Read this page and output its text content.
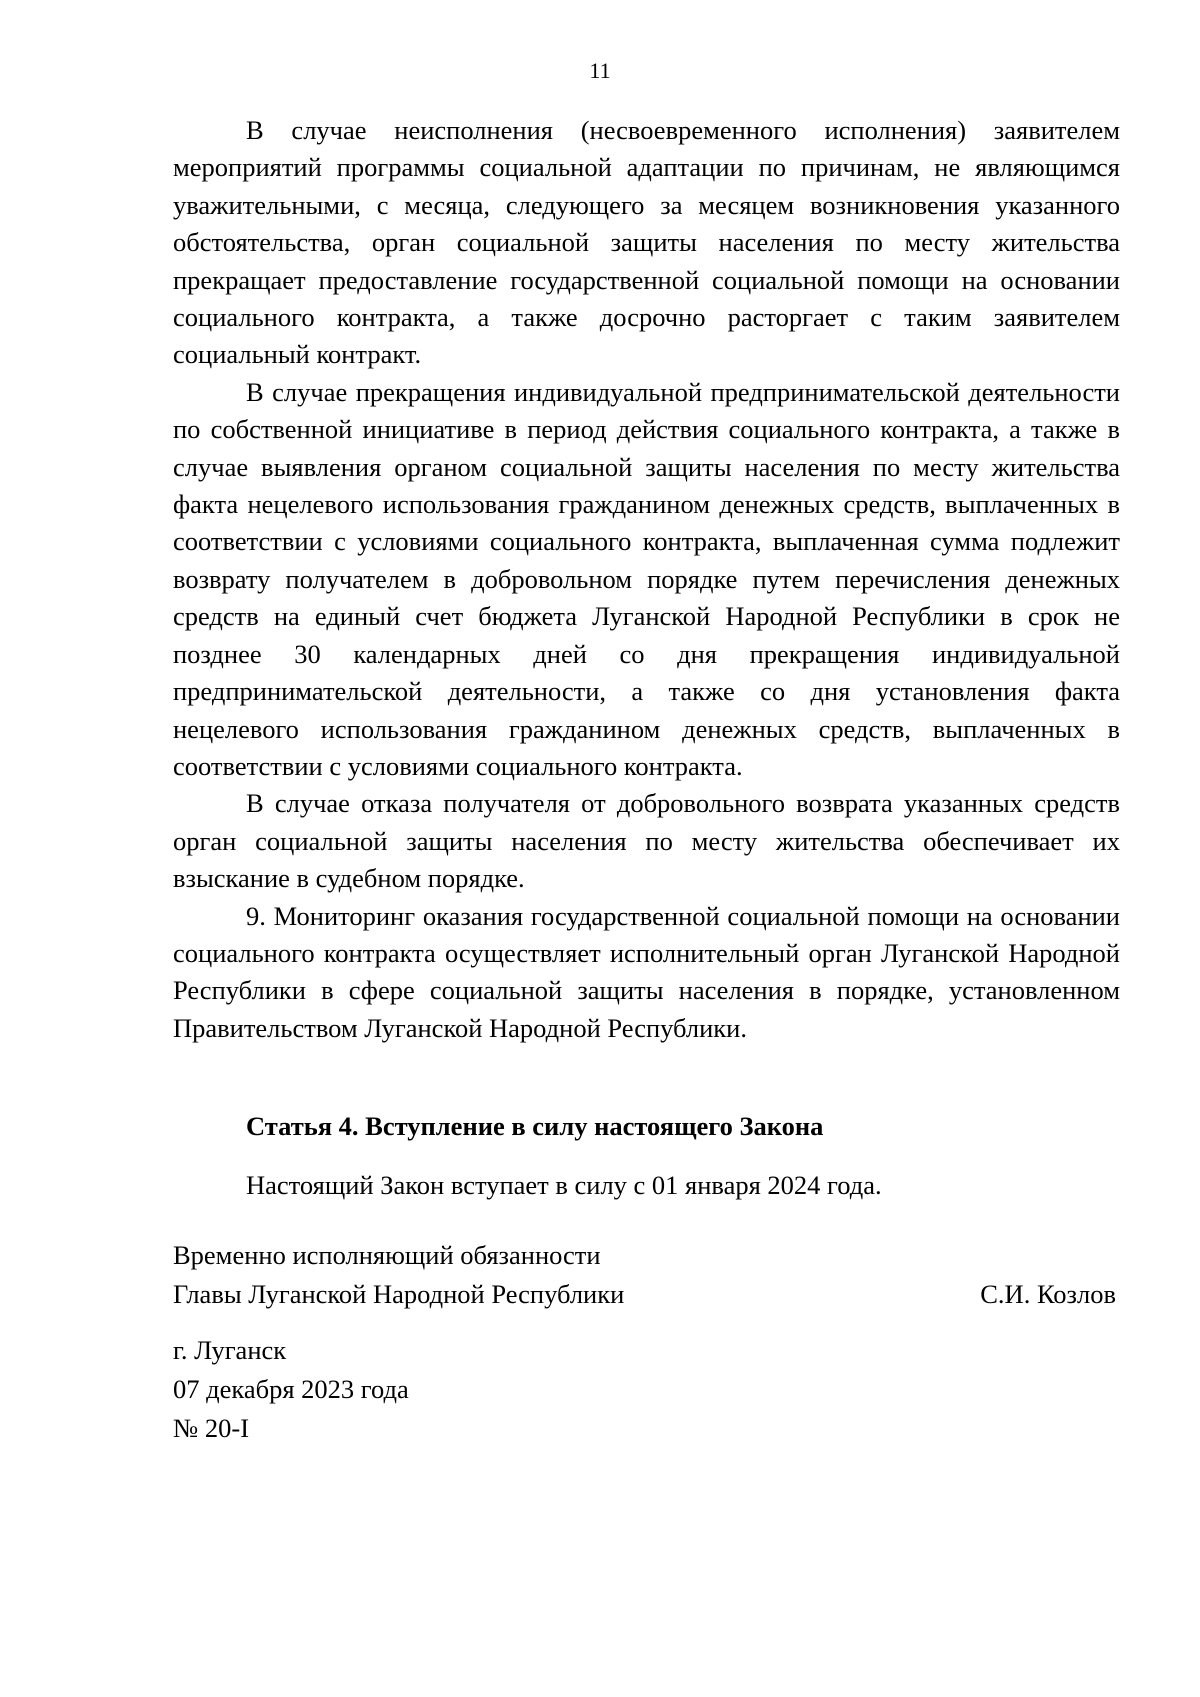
11

В случае неисполнения (несвоевременного исполнения) заявителем мероприятий программы социальной адаптации по причинам, не являющимся уважительными, с месяца, следующего за месяцем возникновения указанного обстоятельства, орган социальной защиты населения по месту жительства прекращает предоставление государственной социальной помощи на основании социального контракта, а также досрочно расторгает с таким заявителем социальный контракт.

В случае прекращения индивидуальной предпринимательской деятельности по собственной инициативе в период действия социального контракта, а также в случае выявления органом социальной защиты населения по месту жительства факта нецелевого использования гражданином денежных средств, выплаченных в соответствии с условиями социального контракта, выплаченная сумма подлежит возврату получателем в добровольном порядке путем перечисления денежных средств на единый счет бюджета Луганской Народной Республики в срок не позднее 30 календарных дней со дня прекращения индивидуальной предпринимательской деятельности, а также со дня установления факта нецелевого использования гражданином денежных средств, выплаченных в соответствии с условиями социального контракта.

В случае отказа получателя от добровольного возврата указанных средств орган социальной защиты населения по месту жительства обеспечивает их взыскание в судебном порядке.

9. Мониторинг оказания государственной социальной помощи на основании социального контракта осуществляет исполнительный орган Луганской Народной Республики в сфере социальной защиты населения в порядке, установленном Правительством Луганской Народной Республики.

Статья 4. Вступление в силу настоящего Закона
Настоящий Закон вступает в силу с 01 января 2024 года.
Временно исполняющий обязанности
Главы Луганской Народной Республики	С.И. Козлов
г. Луганск
07 декабря 2023 года
№ 20-I
